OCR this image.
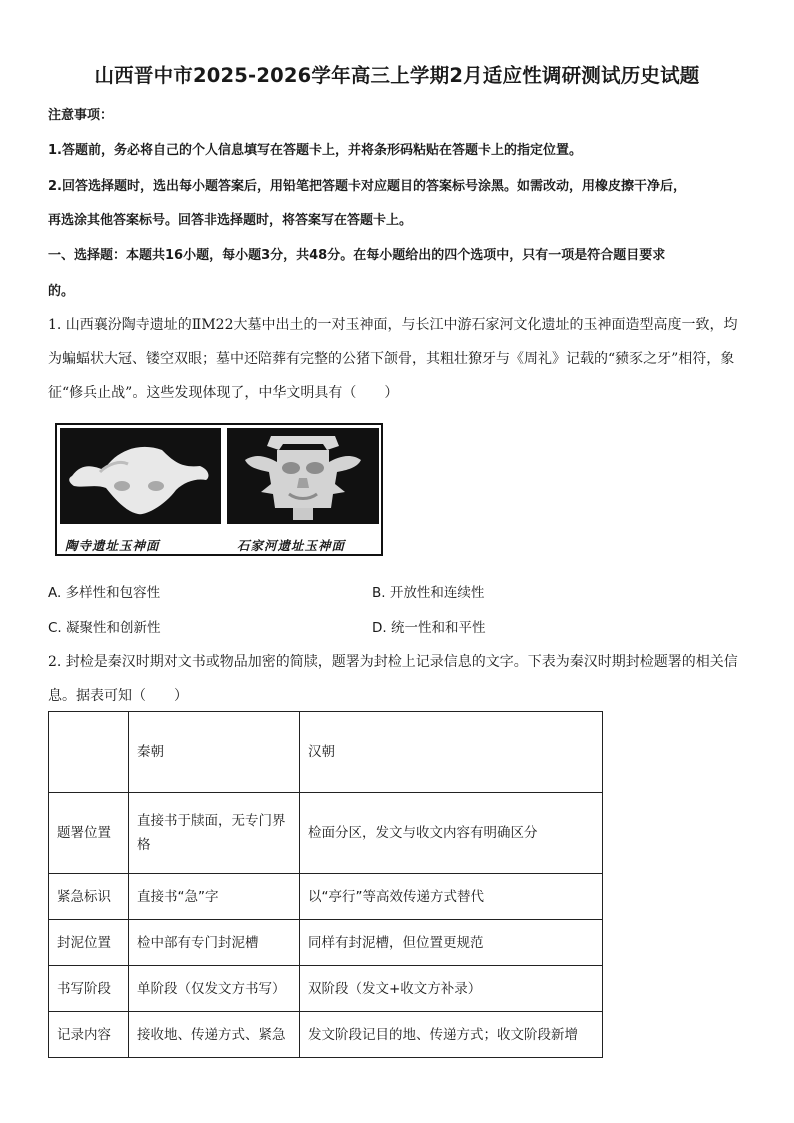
山西晋中市2025-2026学年高三上学期2月适应性调研测试历史试题
注意事项：
1.答题前，务必将自己的个人信息填写在答题卡上，并将条形码粘贴在答题卡上的指定位置。
2.回答选择题时，选出每小题答案后，用铅笔把答题卡对应题目的答案标号涂黑。如需改动，用橡皮擦干净后，
再选涂其他答案标号。回答非选择题时，将答案写在答题卡上。
一、选择题：本题共16小题，每小题3分，共48分。在每小题给出的四个选项中，只有一项是符合题目要求
的。
1. 山西襄汾陶寺遗址的ⅡM22大墓中出土的一对玉神面，与长江中游石家河文化遗址的玉神面造型高度一致，均
为蝙蝠状大冠、镂空双眼；墓中还陪葬有完整的公猪下颌骨，其粗壮獠牙与《周礼》记载的“豮豕之牙”相符，象
征“修兵止战”。这些发现体现了，中华文明具有（　　）
陶寺遗址玉神面	石家河遗址玉神面
A. 多样性和包容性	B. 开放性和连续性
C. 凝聚性和创新性	D. 统一性和和平性
2. 封检是秦汉时期对文书或物品加密的简牍，题署为封检上记录信息的文字。下表为秦汉时期封检题署的相关信
息。据表可知（　　）
	秦朝	汉朝
题署位置	直接书于牍面，无专门界格	检面分区，发文与收文内容有明确区分
紧急标识	直接书“急”字	以“亭行”等高效传递方式替代
封泥位置	检中部有专门封泥槽	同样有封泥槽，但位置更规范
书写阶段	单阶段（仅发文方书写）	双阶段（发文+收文方补录）
记录内容	接收地、传递方式、紧急	发文阶段记目的地、传递方式；收文阶段新增
